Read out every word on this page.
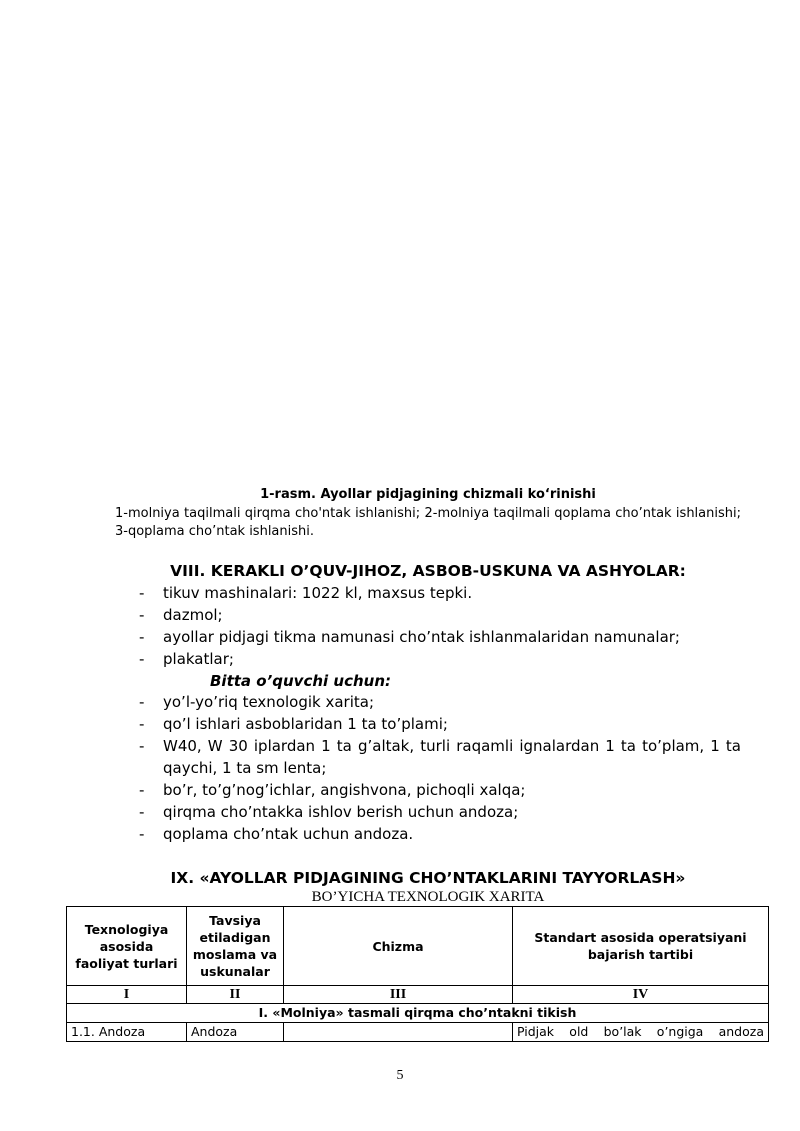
1-rasm. Ayollar pidjagining chizmali ko‘rinishi
1-molniya taqilmali qirqma cho'ntak ishlanishi; 2-molniya taqilmali qoplama cho’ntak ishlanishi; 3-qoplama cho’ntak ishlanishi.
VIII. KERAKLI O’QUV-JIHOZ, ASBOB-USKUNA VA ASHYOLAR:
- tikuv mashinalari: 1022 kl, maxsus tepki.
- dazmol;
- ayollar pidjagi tikma namunasi cho’ntak ishlanmalaridan namunalar;
- plakatlar;
Bitta o’quvchi uchun:
- yo’l-yo’riq texnologik xarita;
- qo’l ishlari asboblaridan 1 ta to’plami;
- W40, W 30 iplardan 1 ta g’altak, turli raqamli ignalardan 1 ta to’plam, 1 ta qaychi, 1 ta sm lenta;
- bo’r, to’g’nog’ichlar, angishvona, pichoqli xalqa;
- qirqma cho’ntakka ishlov berish uchun andoza;
- qoplama cho’ntak uchun andoza.
IX. «AYOLLAR PIDJAGINING CHO’NTAKLARINI TAYYORLASH»
BO’YICHA TEXNOLOGIK XARITA
Texnologiya asosida faoliyat turlari	Tavsiya etiladigan moslama va uskunalar	Chizma	Standart asosida operatsiyani bajarish tartibi
I	II	III	IV
I. «Molniya» tasmali qirqma cho’ntakni tikish			
1.1. Andoza	Andoza		Pidjak old bo’lak o’ngiga andoza
5
